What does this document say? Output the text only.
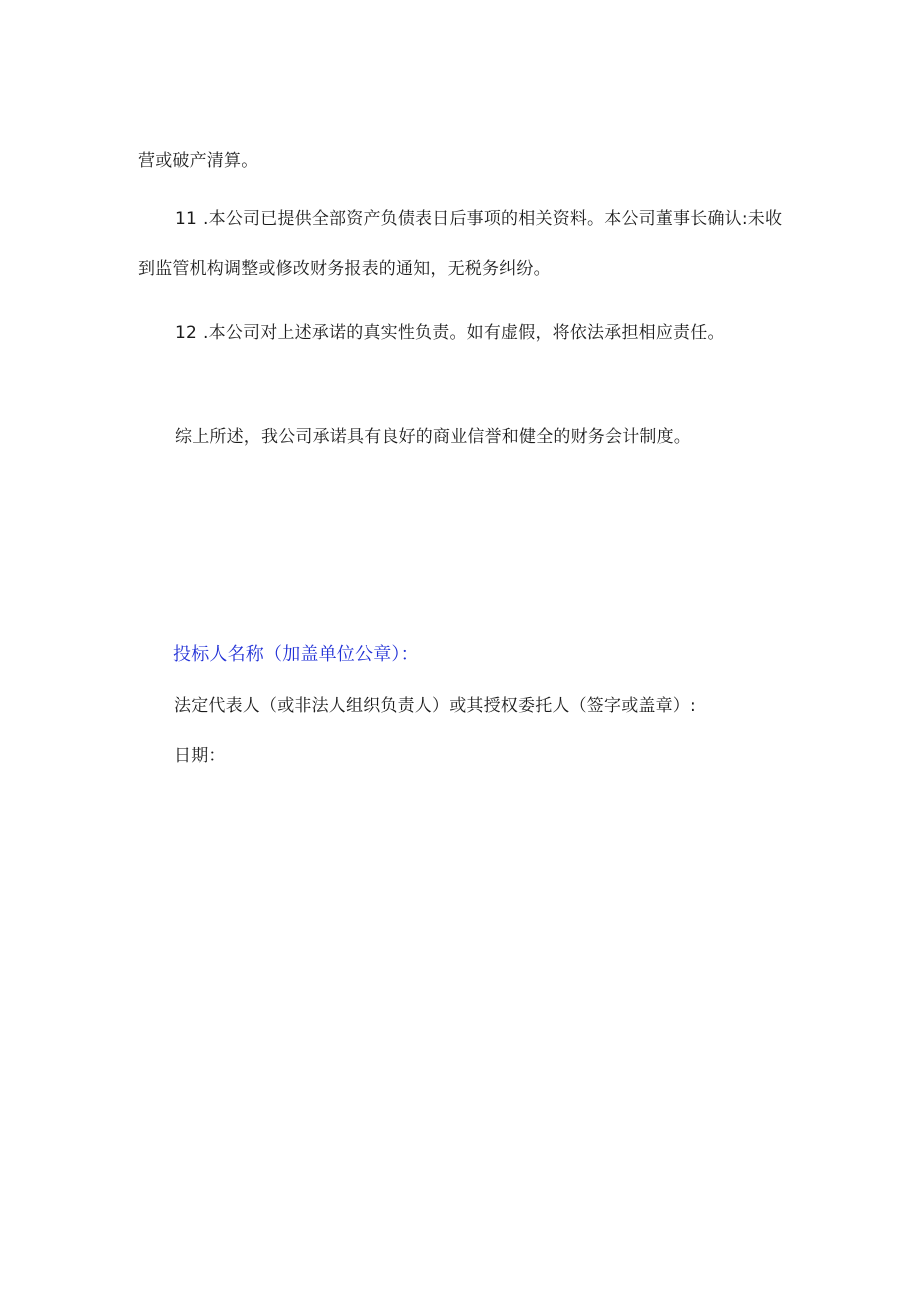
营或破产清算。
11 .本公司已提供全部资产负债表日后事项的相关资料。本公司董事长确认:未收
到监管机构调整或修改财务报表的通知，无税务纠纷。
12 .本公司对上述承诺的真实性负责。如有虚假，将依法承担相应责任。
综上所述，我公司承诺具有良好的商业信誉和健全的财务会计制度。
投标人名称（加盖单位公章）：
法定代表人（或非法人组织负责人）或其授权委托人（签字或盖章）:
日期：
